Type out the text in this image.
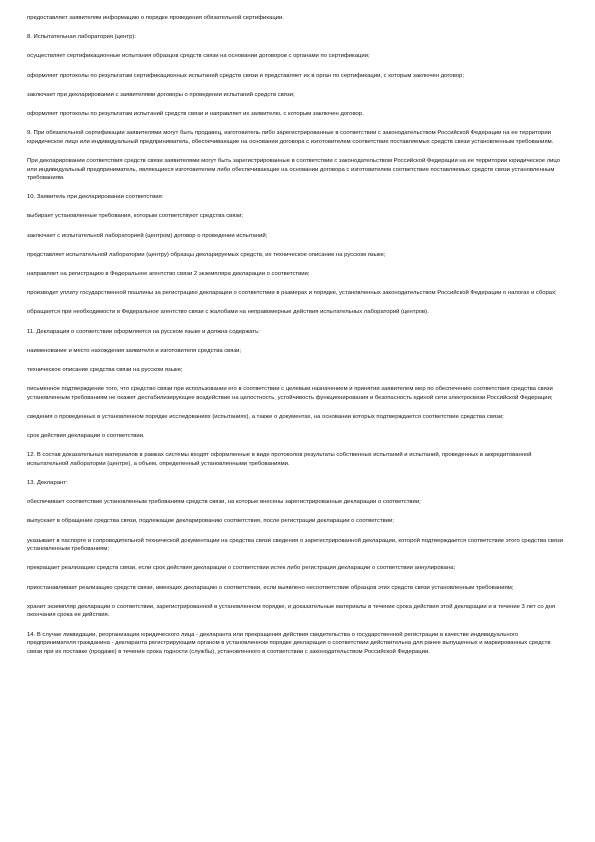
предоставляет заявителям информацию о порядке проведения обязательной сертификации.

8. Испытательная лаборатория (центр):

осуществляет сертификационные испытания образцов средств связи на основании договоров с органами по сертификации;

оформляет протоколы по результатам сертификационных испытаний средств связи и представляет их в орган по сертификации, с которым заключен договор;

заключает при декларировании с заявителями договоры о проведении испытаний средств связи;

оформляет протоколы по результатам испытаний средств связи и направляет их заявителю, с которым заключен договор.

9. При обязательной сертификации заявителями могут быть продавец, изготовитель либо зарегистрированные в соответствии с законодательством Российской Федерации на ее территории юридическое лицо или индивидуальный предприниматель, обеспечивающие на основании договора с изготовителем соответствие поставляемых средств связи установленным требованиям.

При декларировании соответствия средств связи заявителями могут быть зарегистрированные в соответствии с законодательством Российской Федерации на ее территории юридическое лицо или индивидуальный предприниматель, являющиеся изготовителем либо обеспечивающие на основании договора с изготовителем соответствие поставляемых средств связи установленным требованиям.

10. Заявитель при декларировании соответствия:

выбирает установленные требования, которым соответствуют средства связи;

заключает с испытательной лабораторией (центром) договор о проведении испытаний;

представляет испытательной лаборатории (центру) образцы декларируемых средств, их техническое описание на русском языке;

направляет на регистрацию в Федеральное агентство связи 2 экземпляра декларации о соответствии;

производит уплату государственной пошлины за регистрацию декларации о соответствии в размерах и порядке, установленных законодательством Российской Федерации о налогах и сборах;

обращается при необходимости в Федеральное агентство связи с жалобами на неправомерные действия испытательных лабораторий (центров).

11. Декларация о соответствии оформляется на русском языке и должна содержать:

наименование и место нахождения заявителя и изготовителя средства связи;

техническое описание средства связи на русском языке;

письменное подтверждение того, что средство связи при использовании его в соответствии с целевым назначением и принятии заявителем мер по обеспечению соответствия средства связи установленным требованиям не окажет дестабилизирующее воздействие на целостность, устойчивость функционирования и безопасность единой сети электросвязи Российской Федерации;

сведения о проведенных в установленном порядке исследованиях (испытаниях), а также о документах, на основании которых подтверждается соответствие средства связи;

срок действия декларации о соответствии.

12. В состав доказательных материалов в рамках системы входят оформленные в виде протоколов результаты собственных испытаний и испытаний, проведенных в аккредитованной испытательной лаборатории (центре), а объем, определенный установленными требованиями.

13. Декларант:

обеспечивает соответствие установленным требованиям средств связи, на которые внесены зарегистрированные декларации о соответствии;

выпускает в обращение средства связи, подлежащие декларированию соответствия, после регистрации декларации о соответствии;

указывает в паспорте и сопроводительной технической документации на средства связи сведения о зарегистрированной декларации, которой подтверждается соответствие этого средства связи установленным требованиям;

прекращает реализацию средств связи, если срок действия декларации о соответствии истек либо регистрация декларации о соответствии аннулирована;

приостанавливает реализацию средств связи, имеющих декларацию о соответствии, если выявлено несоответствие образцов этих средств связи установленным требованиям;

хранит экземпляр декларации о соответствии, зарегистрированной в установленном порядке, и доказательные материалы в течение срока действия этой декларации и в течение 3 лет со дня окончания срока ее действия.

14. В случае ликвидации, реорганизации юридического лица - декларанта или прекращения действия свидетельства о государственной регистрации в качестве индивидуального предпринимателя гражданина - декларанта регистрирующим органом в установленном порядке декларация о соответствии действительна для ранее выпущенных и маркированных средств связи при их поставке (продаже) в течение срока годности (службы), установленного в соответствии с законодательством Российской Федерации.
